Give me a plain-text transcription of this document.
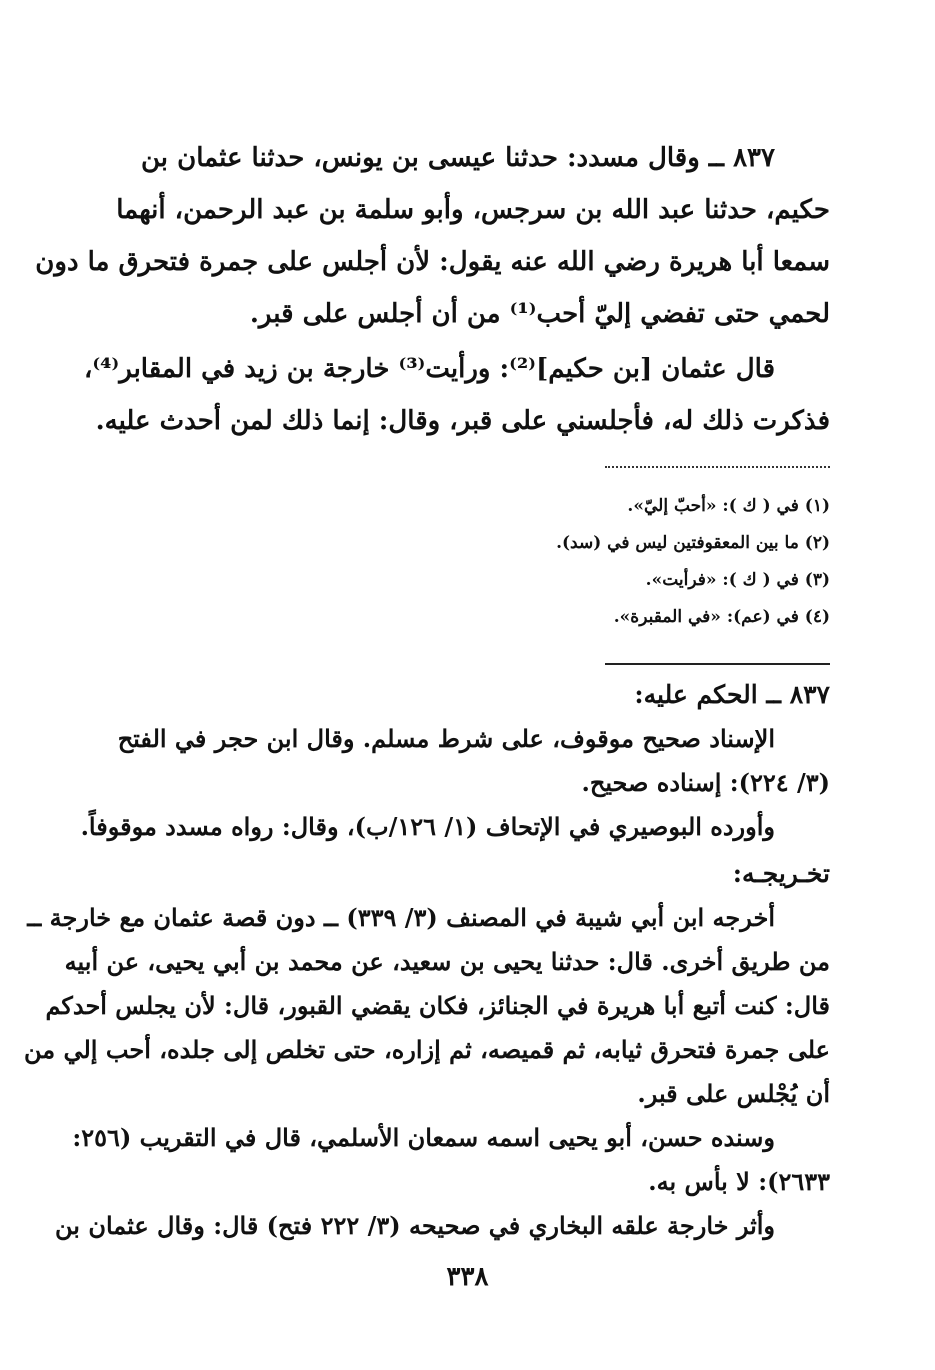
٨٣٧ ــ وقال مسدد: حدثنا عيسى بن يونس، حدثنا عثمان بن
حكيم، حدثنا عبد الله بن سرجس، وأبو سلمة بن عبد الرحمن، أنهما
سمعا أبا هريرة رضي الله عنه يقول: لأن أجلس على جمرة فتحرق ما دون
لحمي حتى تفضي إليّ أحب⁽¹⁾ من أن أجلس على قبر.
قال عثمان [بن حكيم]⁽²⁾: ورأيت⁽³⁾ خارجة بن زيد في المقابر⁽⁴⁾،
فذكرت ذلك له، فأجلسني على قبر، وقال: إنما ذلك لمن أحدث عليه.
(١) في ( ك ): «أحبّ إليّ».
(٢) ما بين المعقوفتين ليس في (سد).
(٣) في ( ك ): «فرأيت».
(٤) في (عم): «في المقبرة».
٨٣٧ ــ الحكم عليه:
الإسناد صحيح موقوف، على شرط مسلم. وقال ابن حجر في الفتح
(٣/ ٢٢٤): إسناده صحيح.
وأورده البوصيري في الإتحاف (١/ ١٢٦/ب)، وقال: رواه مسدد موقوفاً.
تخـريجـه:
أخرجه ابن أبي شيبة في المصنف (٣/ ٣٣٩) ــ دون قصة عثمان مع خارجة ــ
من طريق أخرى. قال: حدثنا يحيى بن سعيد، عن محمد بن أبي يحيى، عن أبيه
قال: كنت أتبع أبا هريرة في الجنائز، فكان يقضي القبور، قال: لأن يجلس أحدكم
على جمرة فتحرق ثيابه، ثم قميصه، ثم إزاره، حتى تخلص إلى جلده، أحب إلي من
أن يُجْلس على قبر.
وسنده حسن، أبو يحيى اسمه سمعان الأسلمي، قال في التقريب (٢٥٦:
٢٦٣٣): لا بأس به.
وأثر خارجة علقه البخاري في صحيحه (٣/ ٢٢٢ فتح) قال: وقال عثمان بن
٣٣٨
